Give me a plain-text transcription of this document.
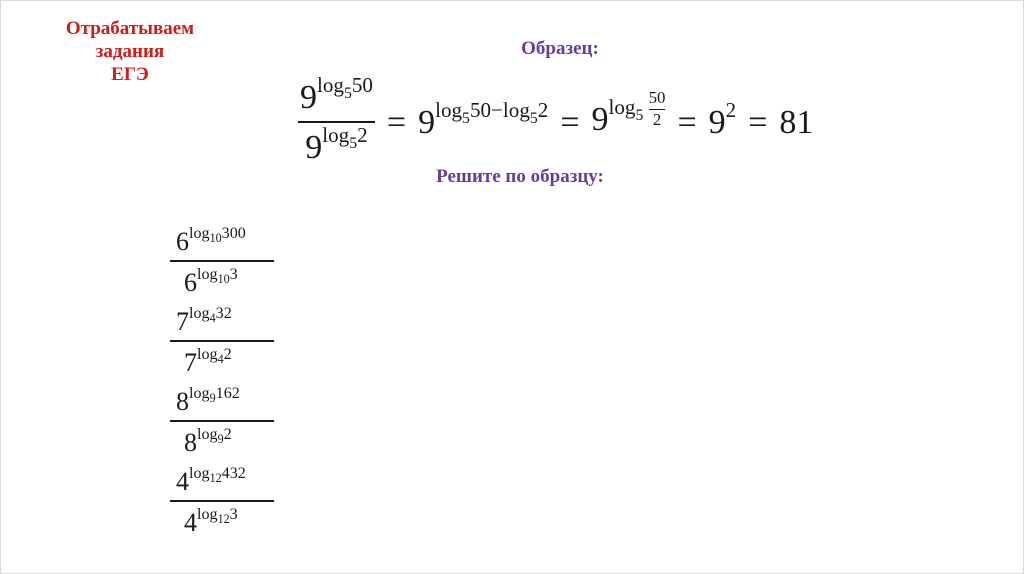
Отрабатываем
задания
ЕГЭ
Образец:
$\frac{9^{log_550}}{9^{log_52}} = 9^{log_550-log_52} = 9^{log_5 \frac{50}{2}} = 9^2 = 81$
Решите по образцу:
$6^{log_{10}300}$
$6^{log_{10}3}$
$7^{log_432}$
$7^{log_42}$
$8^{log_9162}$
$8^{log_92}$
$4^{log_{12}432}$
$4^{log_{12}3}$
